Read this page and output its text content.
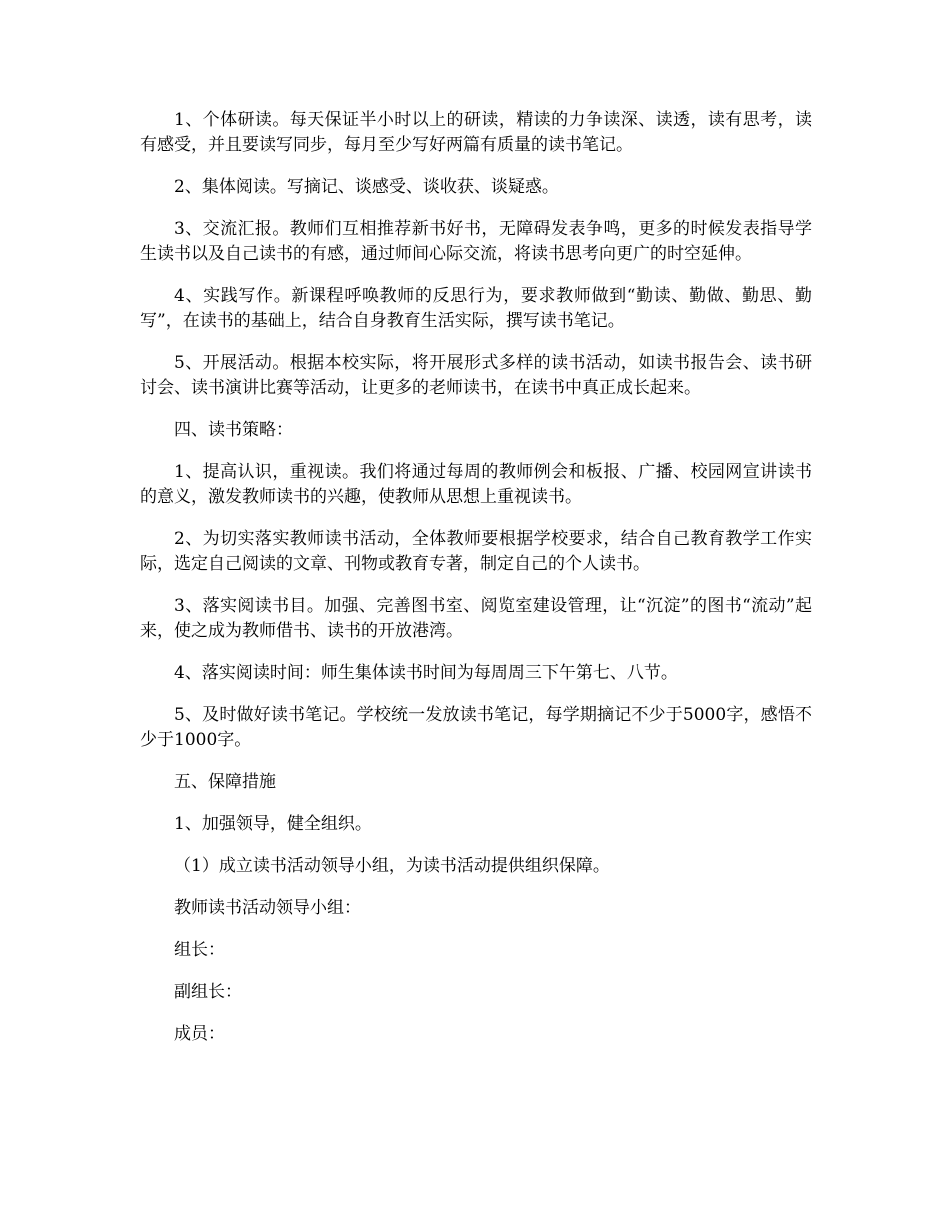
1、个体研读。每天保证半小时以上的研读，精读的力争读深、读透，读有思考，读有感受，并且要读写同步，每月至少写好两篇有质量的读书笔记。

2、集体阅读。写摘记、谈感受、谈收获、谈疑惑。

3、交流汇报。教师们互相推荐新书好书，无障碍发表争鸣，更多的时候发表指导学生读书以及自己读书的有感，通过师间心际交流，将读书思考向更广的时空延伸。

4、实践写作。新课程呼唤教师的反思行为，要求教师做到“勤读、勤做、勤思、勤写”，在读书的基础上，结合自身教育生活实际，撰写读书笔记。

5、开展活动。根据本校实际，将开展形式多样的读书活动，如读书报告会、读书研讨会、读书演讲比赛等活动，让更多的老师读书，在读书中真正成长起来。

四、读书策略：

1、提高认识，重视读。我们将通过每周的教师例会和板报、广播、校园网宣讲读书的意义，激发教师读书的兴趣，使教师从思想上重视读书。

2、为切实落实教师读书活动，全体教师要根据学校要求，结合自己教育教学工作实际，选定自己阅读的文章、刊物或教育专著，制定自己的个人读书。

3、落实阅读书目。加强、完善图书室、阅览室建设管理，让“沉淀”的图书“流动”起来，使之成为教师借书、读书的开放港湾。

4、落实阅读时间：师生集体读书时间为每周周三下午第七、八节。

5、及时做好读书笔记。学校统一发放读书笔记，每学期摘记不少于5000字，感悟不少于1000字。

五、保障措施

1、加强领导，健全组织。

（1）成立读书活动领导小组，为读书活动提供组织保障。

教师读书活动领导小组：

组长：

副组长：

成员：
